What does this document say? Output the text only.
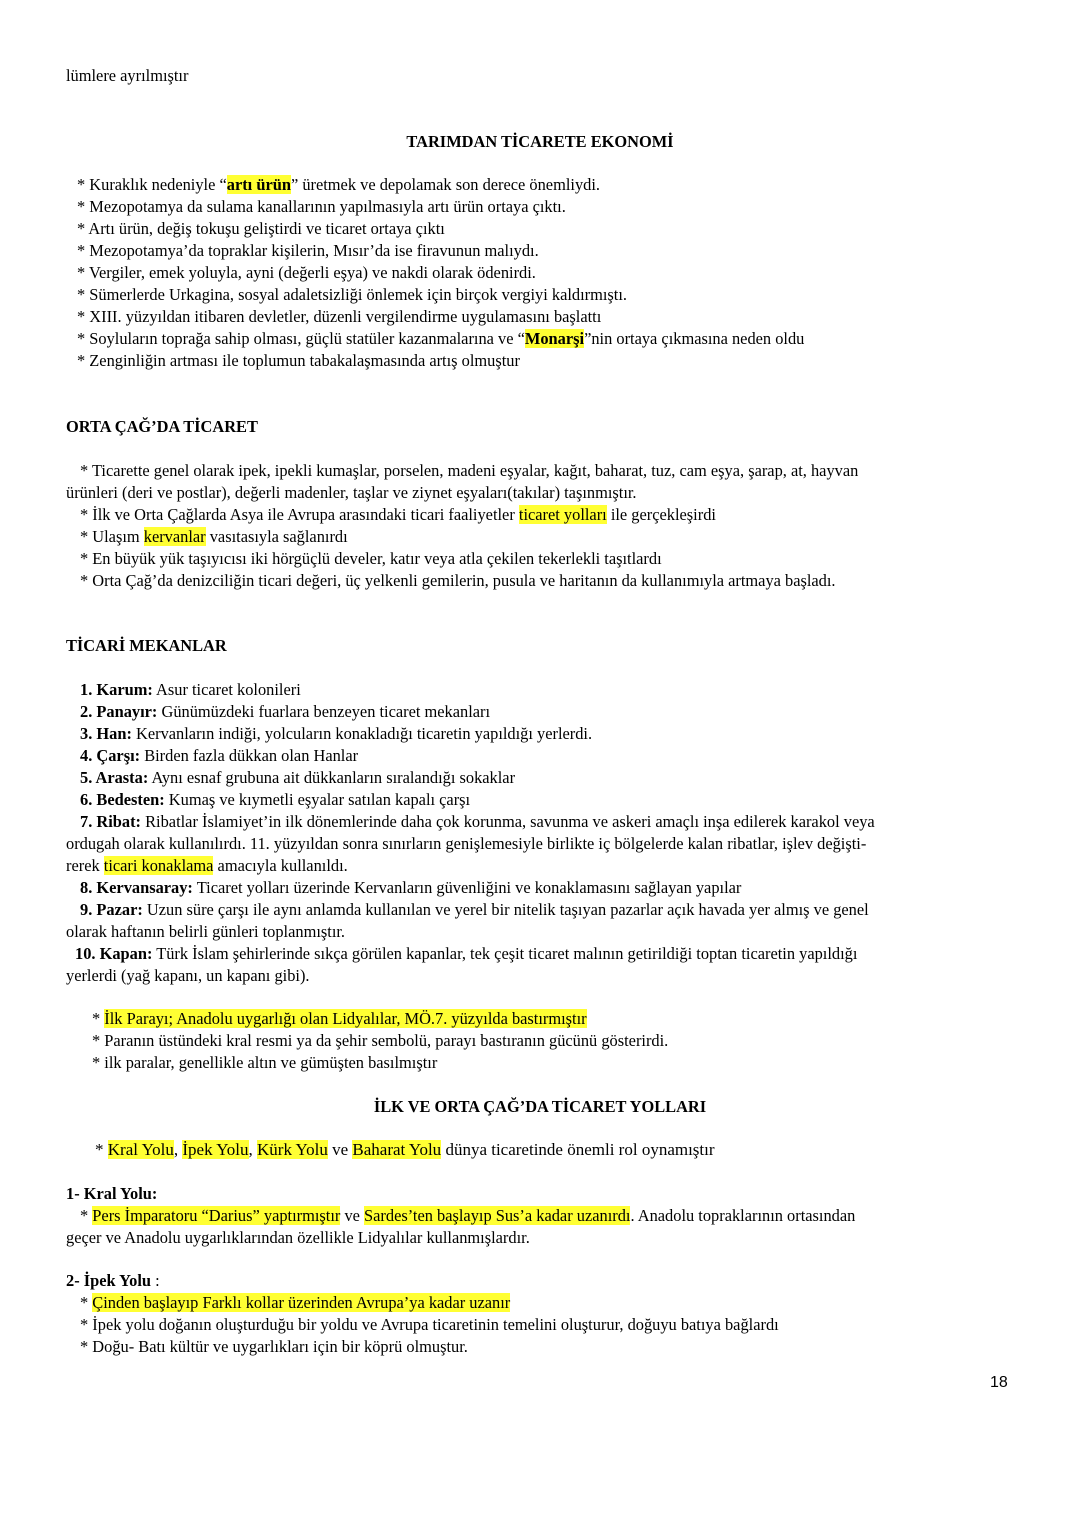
lümlere ayrılmıştır
TARIMDAN TİCARETE EKONOMİ
* Kuraklık nedeniyle “artı ürün” üretmek ve depolamak son derece önemliydi.
* Mezopotamya da sulama kanallarının yapılmasıyla artı ürün ortaya çıktı.
* Artı ürün, değiş tokuşu geliştirdi ve ticaret ortaya çıktı
* Mezopotamya’da topraklar kişilerin, Mısır’da ise firavunun malıydı.
* Vergiler, emek yoluyla, ayni (değerli eşya) ve nakdi olarak ödenirdi.
* Sümerlerde Urkagina, sosyal adaletsizliği önlemek için birçok vergiyi kaldırmıştı.
* XIII. yüzyıldan itibaren devletler, düzenli vergilendirme uygulamasını başlattı
* Soyluların toprağa sahip olması, güçlü statüler kazanmalarına ve “Monarşi”nin ortaya çıkmasına neden oldu
* Zenginliğin artması ile toplumun tabakalaşmasında artış olmuştur
ORTA ÇAĞ’DA TİCARET
* Ticarette genel olarak ipek, ipekli kumaşlar, porselen, madeni eşyalar, kağıt, baharat, tuz, cam eşya, şarap, at, hayvan
ürünleri (deri ve postlar), değerli madenler, taşlar ve ziynet eşyaları(takılar) taşınmıştır.
* İlk ve Orta Çağlarda Asya ile Avrupa arasındaki ticari faaliyetler ticaret yolları ile gerçekleşirdi
* Ulaşım kervanlar vasıtasıyla sağlanırdı
* En büyük yük taşıyıcısı iki hörgüçlü develer, katır veya atla çekilen tekerlekli taşıtlardı
* Orta Çağ’da denizciliğin ticari değeri, üç yelkenli gemilerin, pusula ve haritanın da kullanımıyla artmaya başladı.
TİCARİ MEKANLAR
1. Karum: Asur ticaret kolonileri
2. Panayır: Günümüzdeki fuarlara benzeyen ticaret mekanları
3. Han: Kervanların indiği, yolcuların konakladığı ticaretin yapıldığı yerlerdi.
4. Çarşı: Birden fazla dükkan olan Hanlar
5. Arasta: Aynı esnaf grubuna ait dükkanların sıralandığı sokaklar
6. Bedesten: Kumaş ve kıymetli eşyalar satılan kapalı çarşı
7. Ribat: Ribatlar İslamiyet’in ilk dönemlerinde daha çok korunma, savunma ve askeri amaçlı inşa edilerek karakol veya
ordugah olarak kullanılırdı. 11. yüzyıldan sonra sınırların genişlemesiyle birlikte iç bölgelerde kalan ribatlar, işlev değişti-
rerek ticari konaklama amacıyla kullanıldı.
8. Kervansaray: Ticaret yolları üzerinde Kervanların güvenliğini ve konaklamasını sağlayan yapılar
9. Pazar: Uzun süre çarşı ile aynı anlamda kullanılan ve yerel bir nitelik taşıyan pazarlar açık havada yer almış ve genel
olarak haftanın belirli günleri toplanmıştır.
10. Kapan: Türk İslam şehirlerinde sıkça görülen kapanlar, tek çeşit ticaret malının getirildiği toptan ticaretin yapıldığı
yerlerdi (yağ kapanı, un kapanı gibi).
* İlk Parayı; Anadolu uygarlığı olan Lidyalılar, MÖ.7. yüzyılda bastırmıştır
* Paranın üstündeki kral resmi ya da şehir sembolü, parayı bastıranın gücünü gösterirdi.
* ilk paralar, genellikle altın ve gümüşten basılmıştır
İLK VE ORTA ÇAĞ’DA TİCARET YOLLARI
* Kral Yolu, İpek Yolu, Kürk Yolu ve Baharat Yolu dünya ticaretinde önemli rol oynamıştır
1- Kral Yolu:
* Pers İmparatoru “Darius” yaptırmıştır ve Sardes’ten başlayıp Sus’a kadar uzanırdı. Anadolu topraklarının ortasından
geçer ve Anadolu uygarlıklarından özellikle Lidyalılar kullanmışlardır.
2- İpek Yolu :
* Çinden başlayıp Farklı kollar üzerinden Avrupa’ya kadar uzanır
* İpek yolu doğanın oluşturduğu bir yoldu ve Avrupa ticaretinin temelini oluşturur, doğuyu batıya bağlardı
* Doğu- Batı kültür ve uygarlıkları için bir köprü olmuştur.
18
